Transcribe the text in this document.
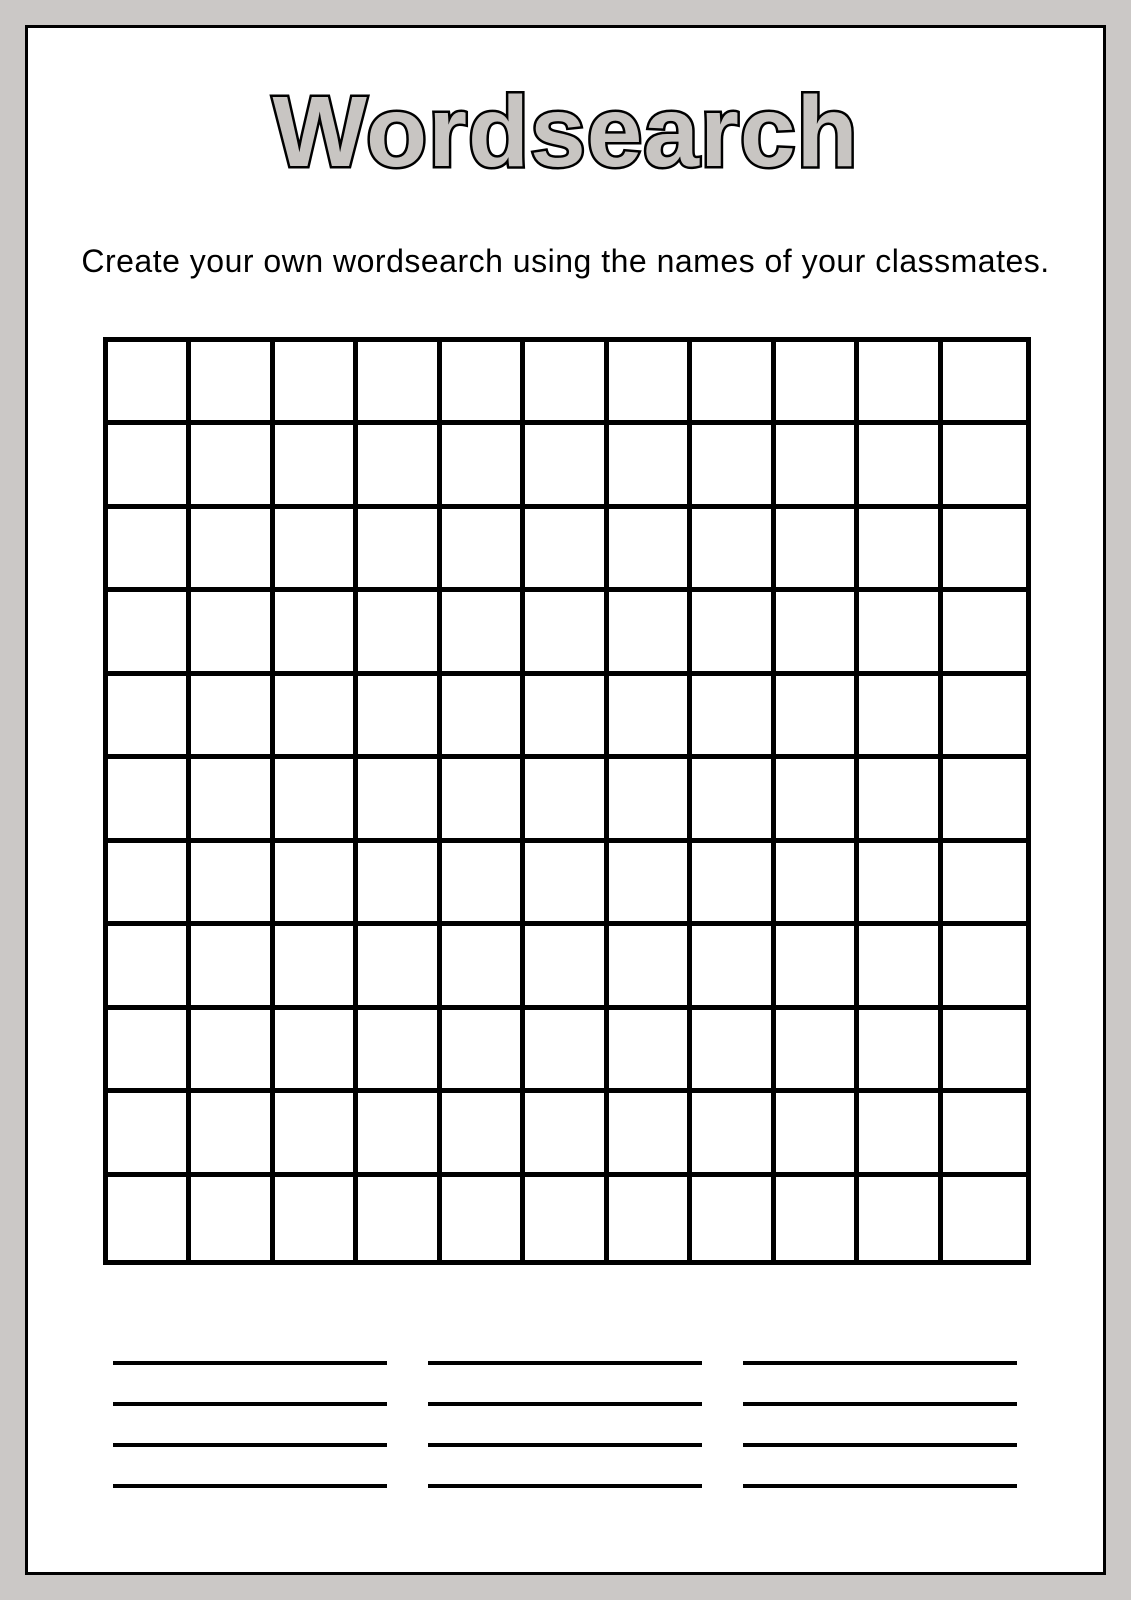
Wordsearch

Create your own wordsearch using the names of your classmates.
